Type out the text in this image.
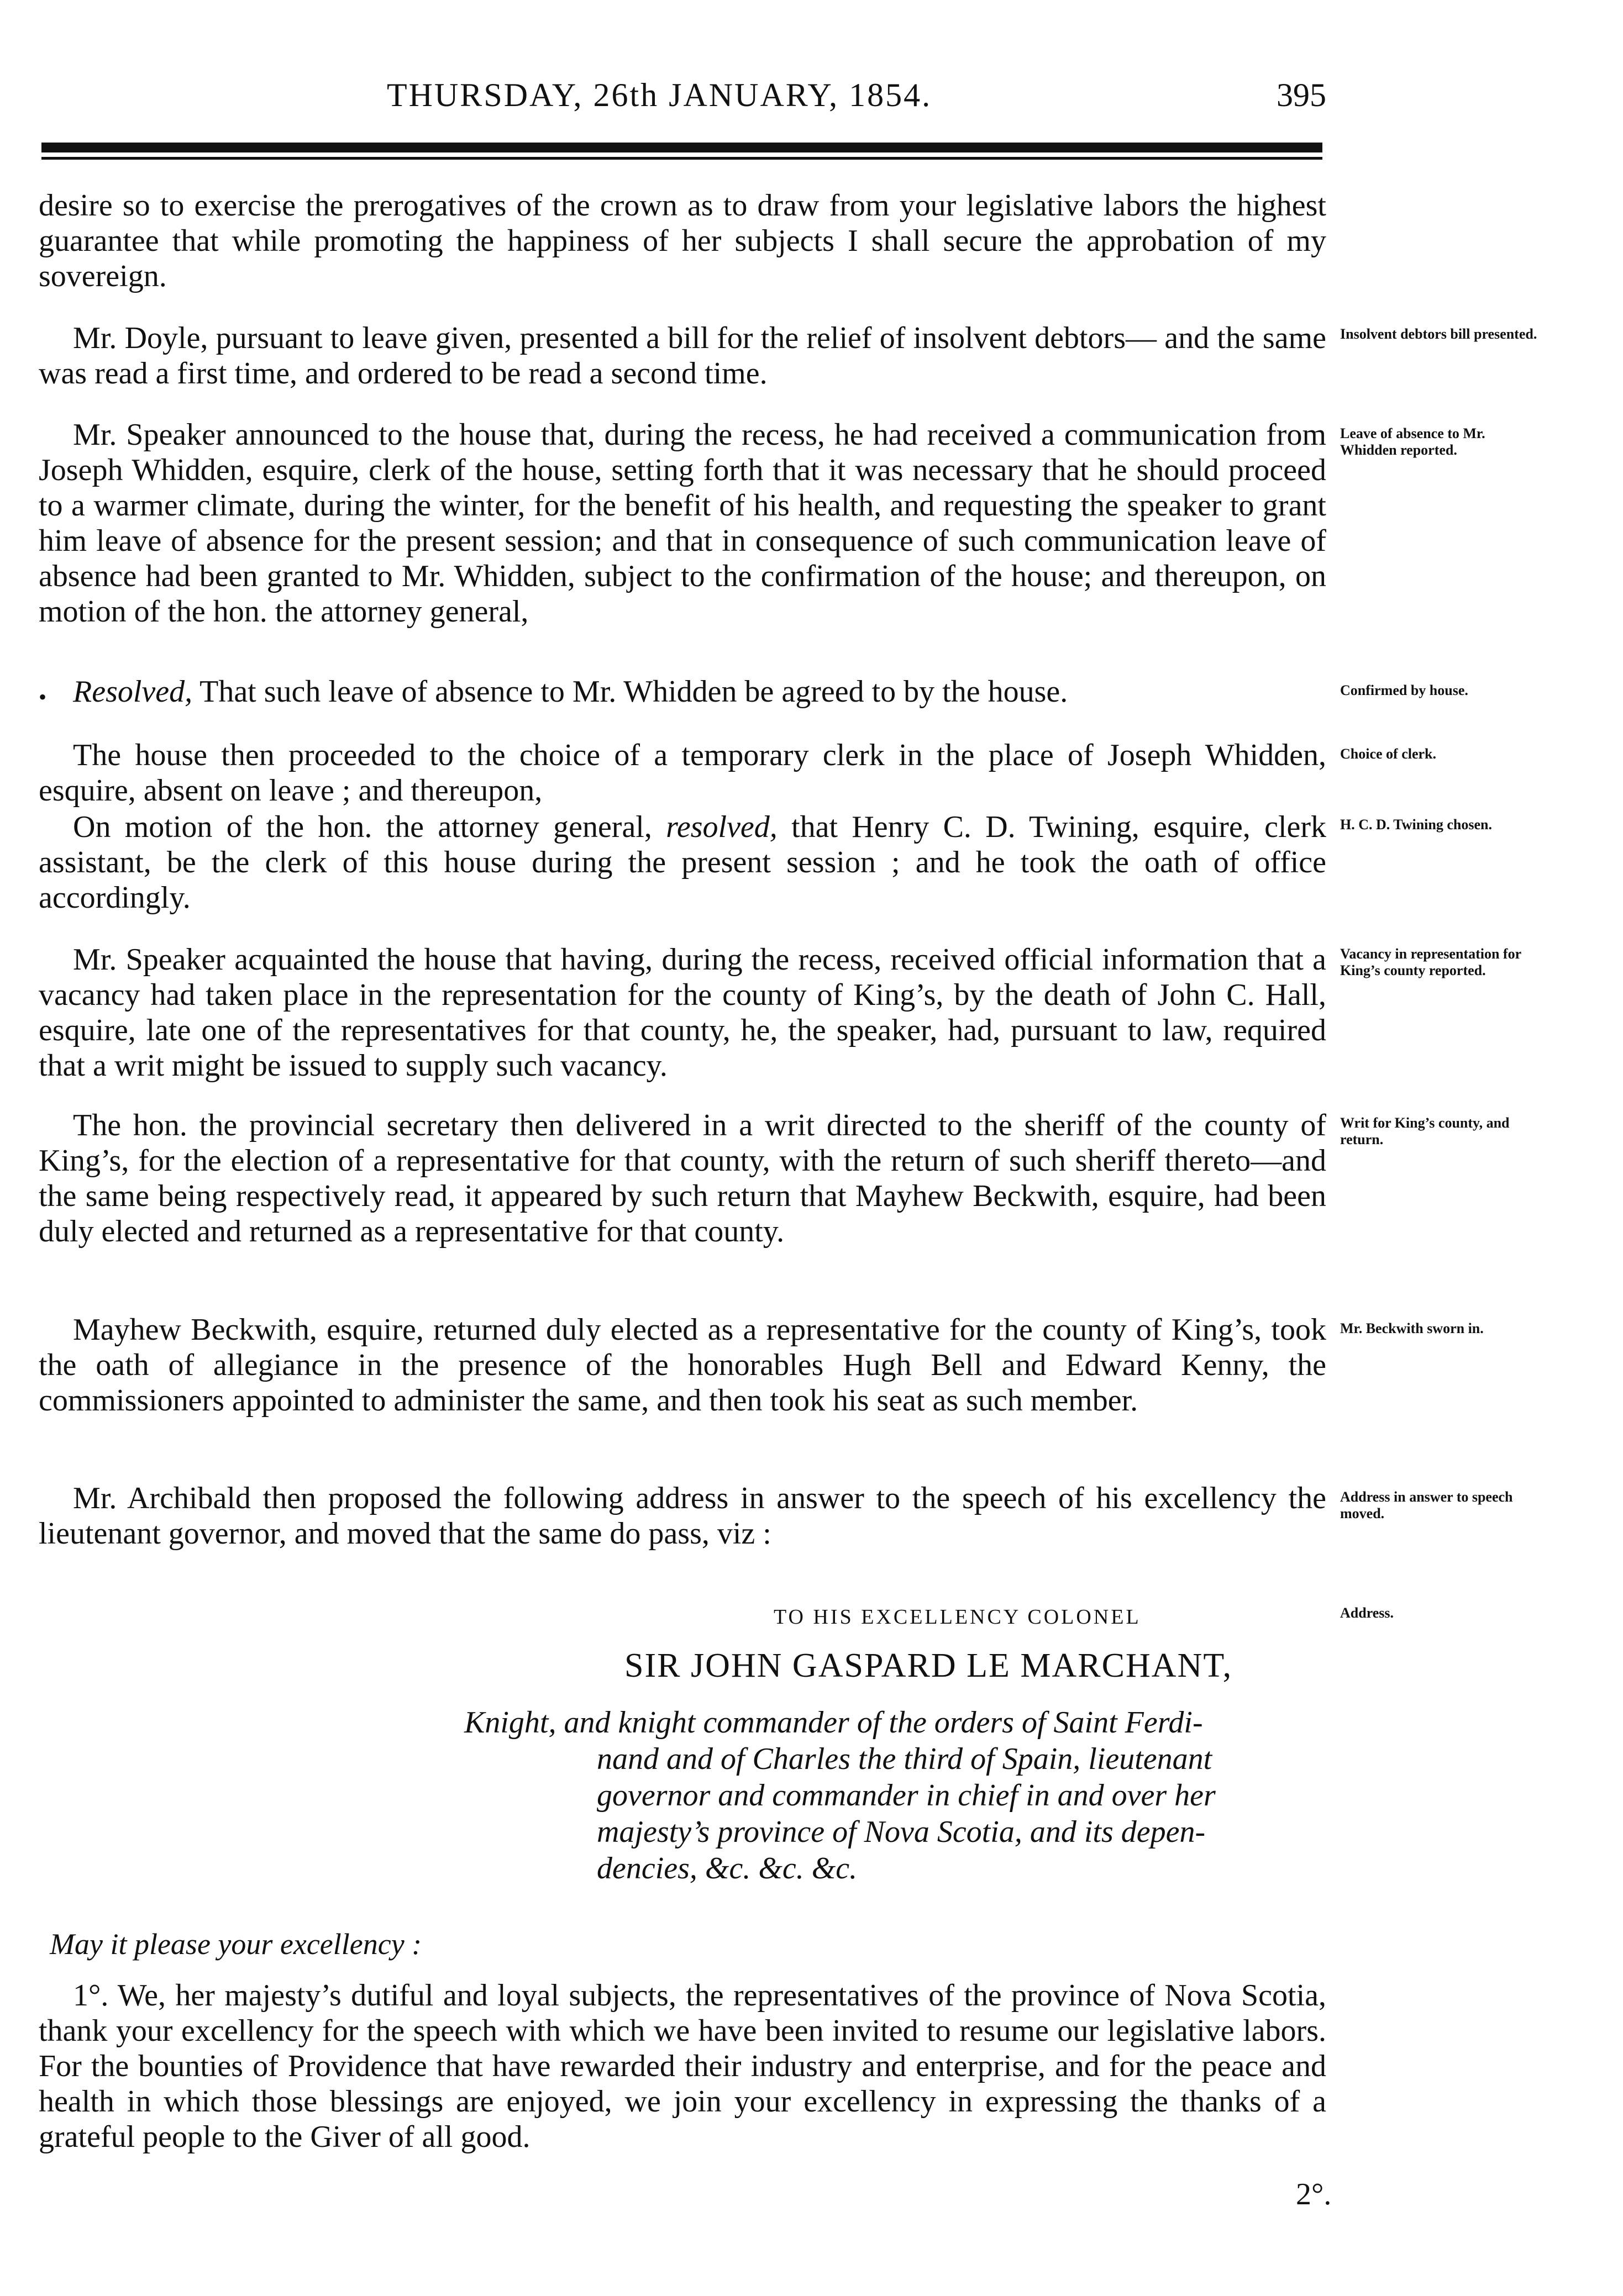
THURSDAY, 26th JANUARY, 1854.	395
desire so to exercise the prerogatives of the crown as to draw from your legislative labors the highest guarantee that while promoting the happiness of her subjects I shall secure the approbation of my sovereign.
Mr. Doyle, pursuant to leave given, presented a bill for the relief of insolvent debtors— and the same was read a first time, and ordered to be read a second time.
Mr. Speaker announced to the house that, during the recess, he had received a communication from Joseph Whidden, esquire, clerk of the house, setting forth that it was necessary that he should proceed to a warmer climate, during the winter, for the benefit of his health, and requesting the speaker to grant him leave of absence for the present session; and that in consequence of such communication leave of absence had been granted to Mr. Whidden, subject to the confirmation of the house; and thereupon, on motion of the hon. the attorney general,
• Resolved, That such leave of absence to Mr. Whidden be agreed to by the house.
The house then proceeded to the choice of a temporary clerk in the place of Joseph Whidden, esquire, absent on leave ; and thereupon,
On motion of the hon. the attorney general, resolved, that Henry C. D. Twining, esquire, clerk assistant, be the clerk of this house during the present session ; and he took the oath of office accordingly.
Mr. Speaker acquainted the house that having, during the recess, received official information that a vacancy had taken place in the representation for the county of King’s, by the death of John C. Hall, esquire, late one of the representatives for that county, he, the speaker, had, pursuant to law, required that a writ might be issued to supply such vacancy.
The hon. the provincial secretary then delivered in a writ directed to the sheriff of the county of King’s, for the election of a representative for that county, with the return of such sheriff thereto—and the same being respectively read, it appeared by such return that Mayhew Beckwith, esquire, had been duly elected and returned as a representative for that county.
Mayhew Beckwith, esquire, returned duly elected as a representative for the county of King’s, took the oath of allegiance in the presence of the honorables Hugh Bell and Edward Kenny, the commissioners appointed to administer the same, and then took his seat as such member.
Mr. Archibald then proposed the following address in answer to the speech of his excellency the lieutenant governor, and moved that the same do pass, viz :
TO HIS EXCELLENCY COLONEL
SIR JOHN GASPARD LE MARCHANT,
Knight, and knight commander of the orders of Saint Ferdi-
nand and of Charles the third of Spain, lieutenant
governor and commander in chief in and over her
majesty’s province of Nova Scotia, and its depen-
dencies, &c. &c. &c.
May it please your excellency :
1°. We, her majesty’s dutiful and loyal subjects, the representatives of the province of Nova Scotia, thank your excellency for the speech with which we have been invited to resume our legislative labors. For the bounties of Providence that have rewarded their industry and enterprise, and for the peace and health in which those blessings are enjoyed, we join your excellency in expressing the thanks of a grateful people to the Giver of all good.
2°.
Insolvent debtors bill presented.
Leave of absence to Mr. Whidden reported.
Confirmed by house.
Choice of clerk.
H. C. D. Twining chosen.
Vacancy in representation for King’s county reported.
Writ for King’s county, and return.
Mr. Beckwith sworn in.
Address in answer to speech moved.
Address.
